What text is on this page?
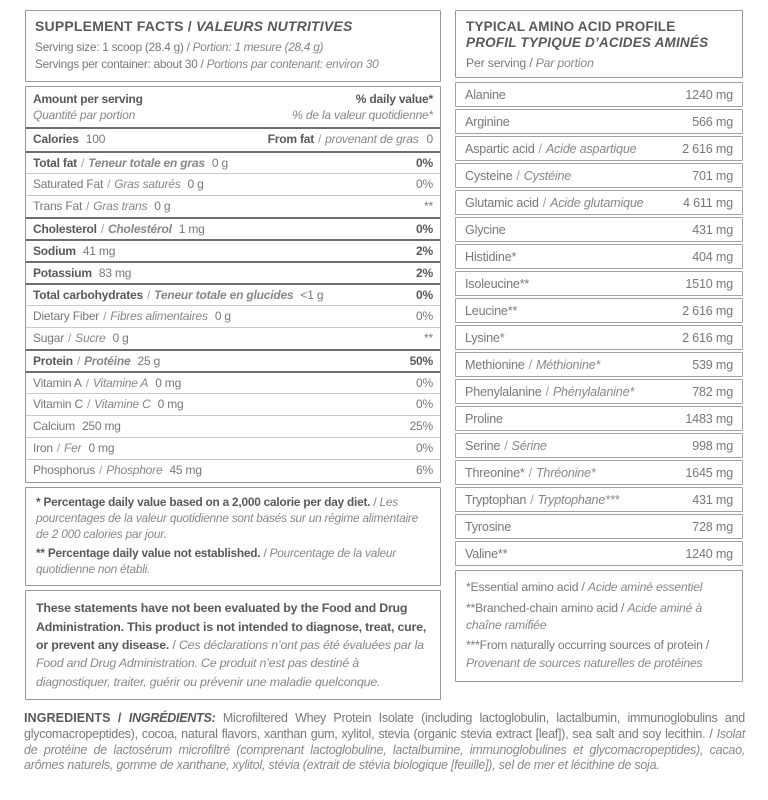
SUPPLEMENT FACTS / VALEURS NUTRITIVES
Serving size: 1 scoop (28.4 g) / Portion: 1 mesure (28,4 g)
Servings per container: about 30 / Portions par contenant: environ 30
Amount per serving	% daily value*
Quantité par portion	% de la valeur quotidienne*
Calories 100	From fat / provenant de gras 0
Total fat / Teneur totale en gras 0 g	0%
Saturated Fat / Gras saturés 0 g	0%
Trans Fat / Gras trans 0 g	**
Cholesterol / Cholestérol 1 mg	0%
Sodium 41 mg	2%
Potassium 83 mg	2%
Total carbohydrates / Teneur totale en glucides <1 g	0%
Dietary Fiber / Fibres alimentaires 0 g	0%
Sugar / Sucre 0 g	**
Protein / Protéine 25 g	50%
Vitamin A / Vitamine A 0 mg	0%
Vitamin C / Vitamine C 0 mg	0%
Calcium 250 mg	25%
Iron / Fer 0 mg	0%
Phosphorus / Phosphore 45 mg	6%
* Percentage daily value based on a 2,000 calorie per day diet. / Les pourcentages de la valeur quotidienne sont basés sur un régime alimentaire de 2 000 calories par jour.
** Percentage daily value not established. / Pourcentage de la valeur quotidienne non établi.
These statements have not been evaluated by the Food and Drug Administration. This product is not intended to diagnose, treat, cure, or prevent any disease. / Ces déclarations n’ont pas été évaluées par la Food and Drug Administration. Ce produit n’est pas destiné à diagnostiquer, traiter, guérir ou prévenir une maladie quelconque.
TYPICAL AMINO ACID PROFILE
PROFIL TYPIQUE D’ACIDES AMINÉS
Per serving / Par portion
Alanine	1240 mg
Arginine	566 mg
Aspartic acid / Acide aspartique	2 616 mg
Cysteine / Cystéine	701 mg
Glutamic acid / Acide glutamique	4 611 mg
Glycine	431 mg
Histidine*	404 mg
Isoleucine**	1510 mg
Leucine**	2 616 mg
Lysine*	2 616 mg
Methionine / Méthionine*	539 mg
Phenylalanine / Phénylalanine*	782 mg
Proline	1483 mg
Serine / Sérine	998 mg
Threonine* / Thréonine*	1645 mg
Tryptophan / Tryptophane***	431 mg
Tyrosine	728 mg
Valine**	1240 mg
*Essential amino acid / Acide aminé essentiel
**Branched-chain amino acid / Acide aminé à chaîne ramifiée
***From naturally occurring sources of protein / Provenant de sources naturelles de protéines

INGREDIENTS / INGRÉDIENTS: Microfiltered Whey Protein Isolate (including lactoglobulin, lactalbumin, immunoglobulins and glycomacropeptides), cocoa, natural flavors, xanthan gum, xylitol, stevia (organic stevia extract [leaf]), sea salt and soy lecithin. / Isolat de protéine de lactosérum microfiltré (comprenant lactoglobuline, lactalbumine, immunoglobulines et glycomacropeptides), cacao, arômes naturels, gomme de xanthane, xylitol, stévia (extrait de stévia biologique [feuille]), sel de mer et lécithine de soja.
